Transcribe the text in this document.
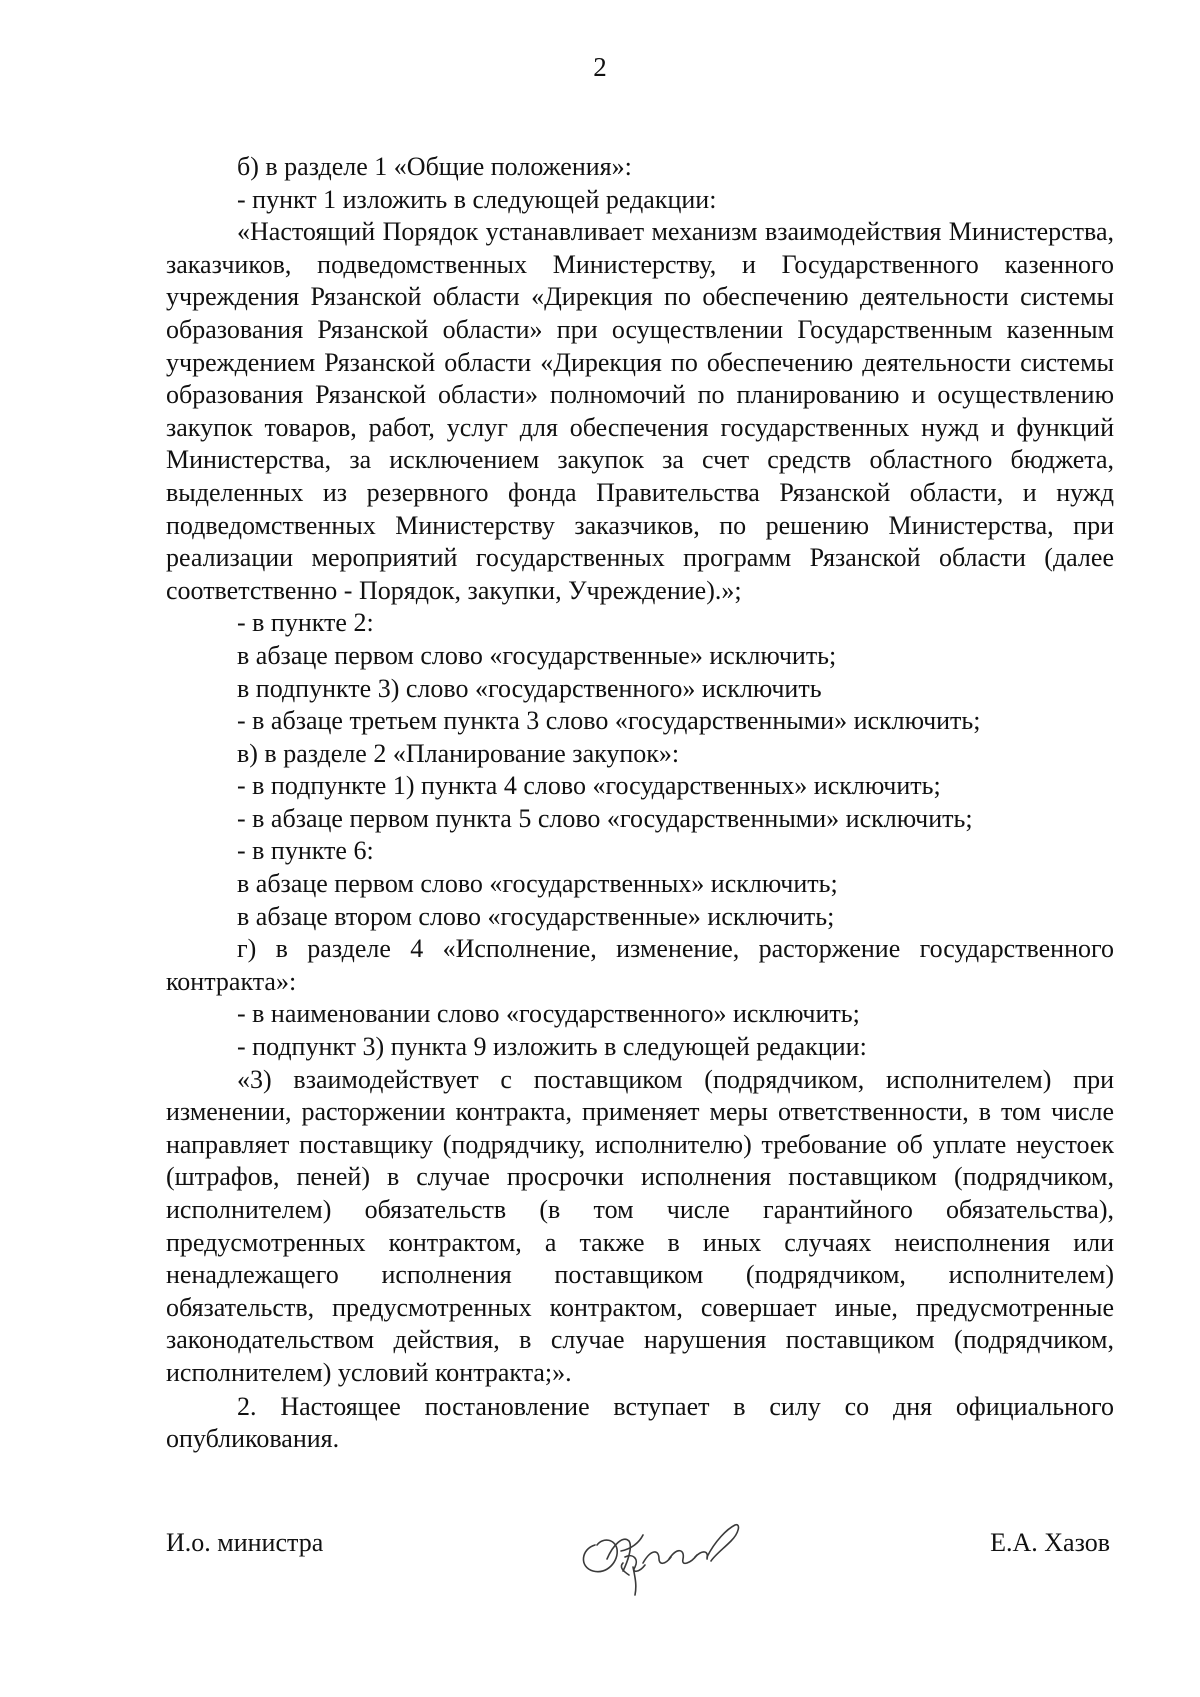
2

б) в разделе 1 «Общие положения»:

- пункт 1 изложить в следующей редакции:

«Настоящий Порядок устанавливает механизм взаимодействия Министерства, заказчиков, подведомственных Министерству, и Государственного казенного учреждения Рязанской области «Дирекция по обеспечению деятельности системы образования Рязанской области» при осуществлении Государственным казенным учреждением Рязанской области «Дирекция по обеспечению деятельности системы образования Рязанской области» полномочий по планированию и осуществлению закупок товаров, работ, услуг для обеспечения государственных нужд и функций Министерства, за исключением закупок за счет средств областного бюджета, выделенных из резервного фонда Правительства Рязанской области, и нужд подведомственных Министерству заказчиков, по решению Министерства, при реализации мероприятий государственных программ Рязанской области (далее соответственно - Порядок, закупки, Учреждение).»;

- в пункте 2:

в абзаце первом слово «государственные» исключить;

в подпункте 3) слово «государственного» исключить

- в абзаце третьем пункта 3 слово «государственными» исключить;

в) в разделе 2 «Планирование закупок»:

- в подпункте 1) пункта 4 слово «государственных» исключить;

- в абзаце первом пункта 5 слово «государственными» исключить;

- в пункте 6:

в абзаце первом слово «государственных» исключить;

в абзаце втором слово «государственные» исключить;

г) в разделе 4 «Исполнение, изменение, расторжение государственного контракта»:

- в наименовании слово «государственного» исключить;

- подпункт 3) пункта 9 изложить в следующей редакции:

«3) взаимодействует с поставщиком (подрядчиком, исполнителем) при изменении, расторжении контракта, применяет меры ответственности, в том числе направляет поставщику (подрядчику, исполнителю) требование об уплате неустоек (штрафов, пеней) в случае просрочки исполнения поставщиком (подрядчиком, исполнителем) обязательств (в том числе гарантийного обязательства), предусмотренных контрактом, а также в иных случаях неисполнения или ненадлежащего исполнения поставщиком (подрядчиком, исполнителем) обязательств, предусмотренных контрактом, совершает иные, предусмотренные законодательством действия, в случае нарушения поставщиком (подрядчиком, исполнителем) условий контракта;».

2. Настоящее постановление вступает в силу со дня официального опубликования.

И.о. министра	Е.А. Хазов
